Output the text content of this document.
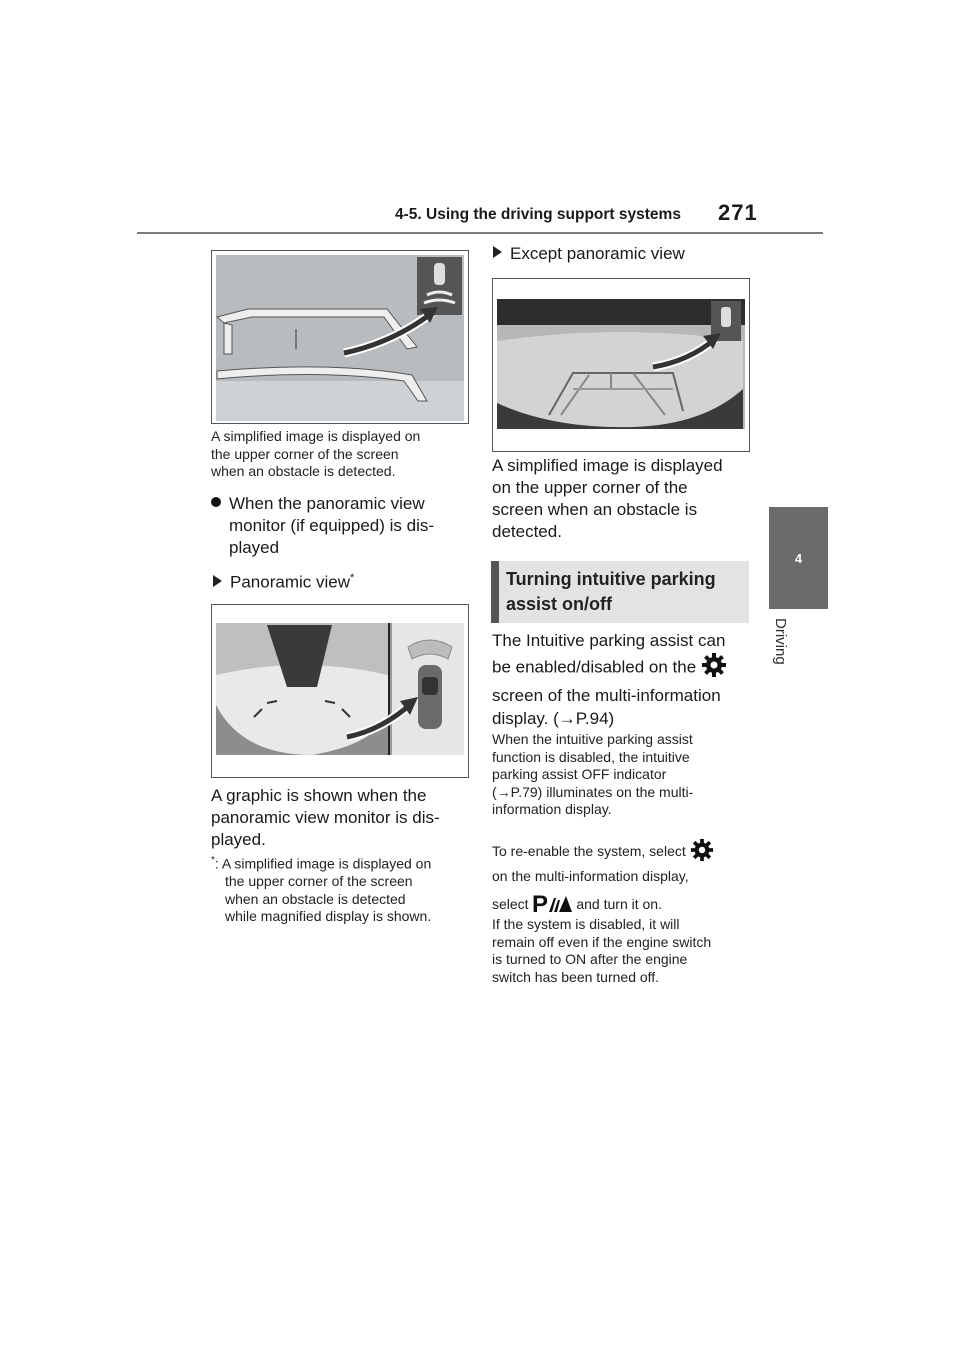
4-5. Using the driving support systems 271
4
Driving
A simplified image is displayed on
the upper corner of the screen
when an obstacle is detected.
When the panoramic view
monitor (if equipped) is dis-
played
Panoramic view*
A graphic is shown when the
panoramic view monitor is dis-
played.
*: A simplified image is displayed on
the upper corner of the screen
when an obstacle is detected
while magnified display is shown.
Except panoramic view
A simplified image is displayed
on the upper corner of the
screen when an obstacle is
detected.
Turning intuitive parking
assist on/off
The Intuitive parking assist can
be enabled/disabled on the
screen of the multi-information
display. (→P.94)
When the intuitive parking assist
function is disabled, the intuitive
parking assist OFF indicator
(→P.79) illuminates on the multi-
information display.
To re-enable the system, select
on the multi-information display,
select P and turn it on.
If the system is disabled, it will
remain off even if the engine switch
is turned to ON after the engine
switch has been turned off.
